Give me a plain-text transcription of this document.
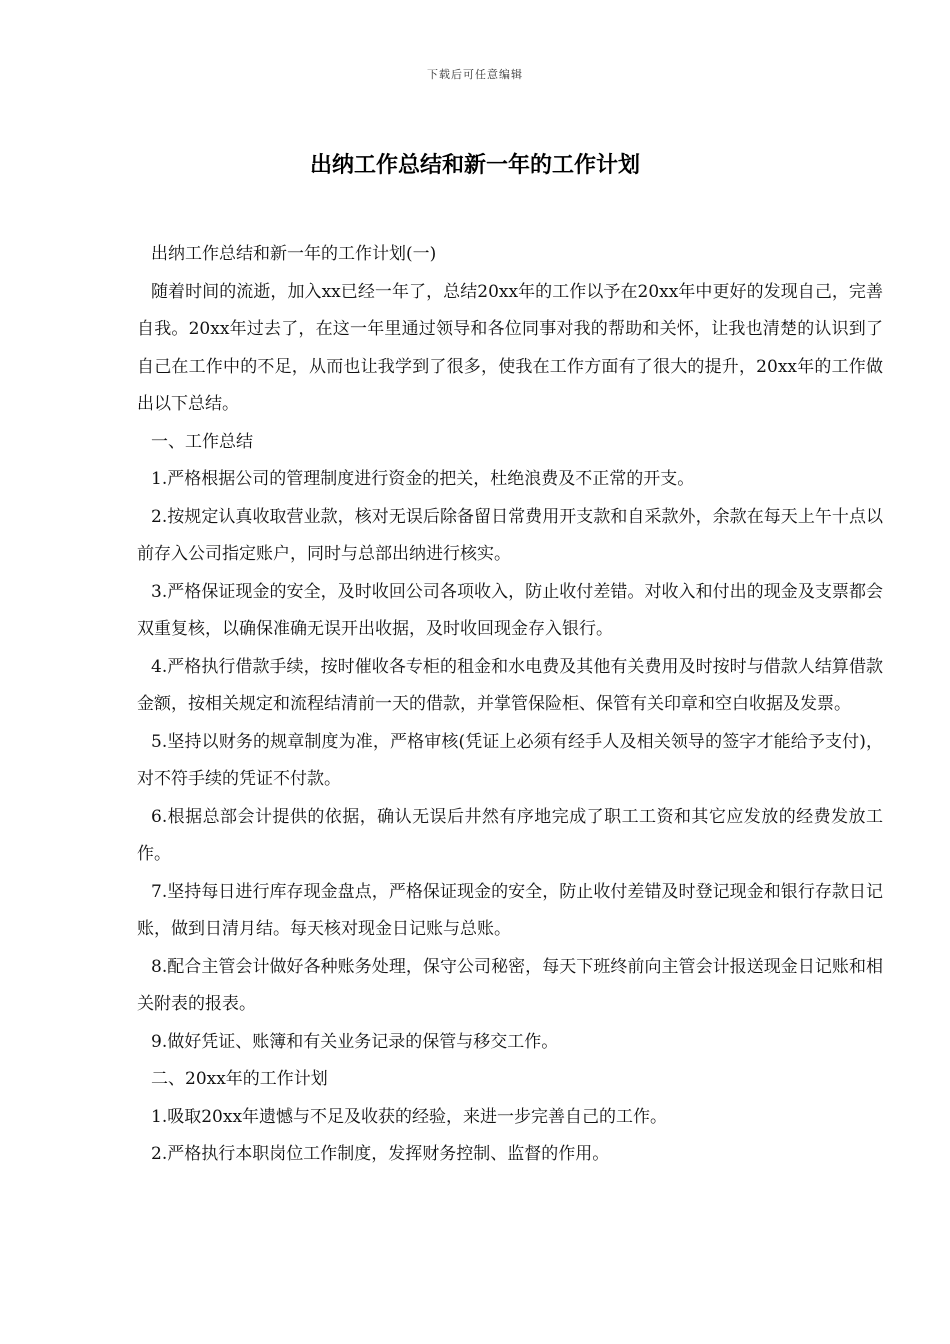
下载后可任意编辑
出纳工作总结和新一年的工作计划

出纳工作总结和新一年的工作计划(一)

随着时间的流逝，加入xx已经一年了，总结20xx年的工作以予在20xx年中更好的发现自己，完善自我。20xx年过去了，在这一年里通过领导和各位同事对我的帮助和关怀，让我也清楚的认识到了自己在工作中的不足，从而也让我学到了很多，使我在工作方面有了很大的提升，20xx年的工作做出以下总结。

一、工作总结

1.严格根据公司的管理制度进行资金的把关，杜绝浪费及不正常的开支。

2.按规定认真收取营业款，核对无误后除备留日常费用开支款和自采款外，余款在每天上午十点以前存入公司指定账户，同时与总部出纳进行核实。

3.严格保证现金的安全，及时收回公司各项收入，防止收付差错。对收入和付出的现金及支票都会双重复核，以确保准确无误开出收据，及时收回现金存入银行。

4.严格执行借款手续，按时催收各专柜的租金和水电费及其他有关费用及时按时与借款人结算借款金额，按相关规定和流程结清前一天的借款，并掌管保险柜、保管有关印章和空白收据及发票。

5.坚持以财务的规章制度为准，严格审核(凭证上必须有经手人及相关领导的签字才能给予支付)，对不符手续的凭证不付款。

6.根据总部会计提供的依据，确认无误后井然有序地完成了职工工资和其它应发放的经费发放工作。

7.坚持每日进行库存现金盘点，严格保证现金的安全，防止收付差错及时登记现金和银行存款日记账，做到日清月结。每天核对现金日记账与总账。

8.配合主管会计做好各种账务处理，保守公司秘密，每天下班终前向主管会计报送现金日记账和相关附表的报表。

9.做好凭证、账簿和有关业务记录的保管与移交工作。

二、20xx年的工作计划

1.吸取20xx年遗憾与不足及收获的经验，来进一步完善自己的工作。

2.严格执行本职岗位工作制度，发挥财务控制、监督的作用。
